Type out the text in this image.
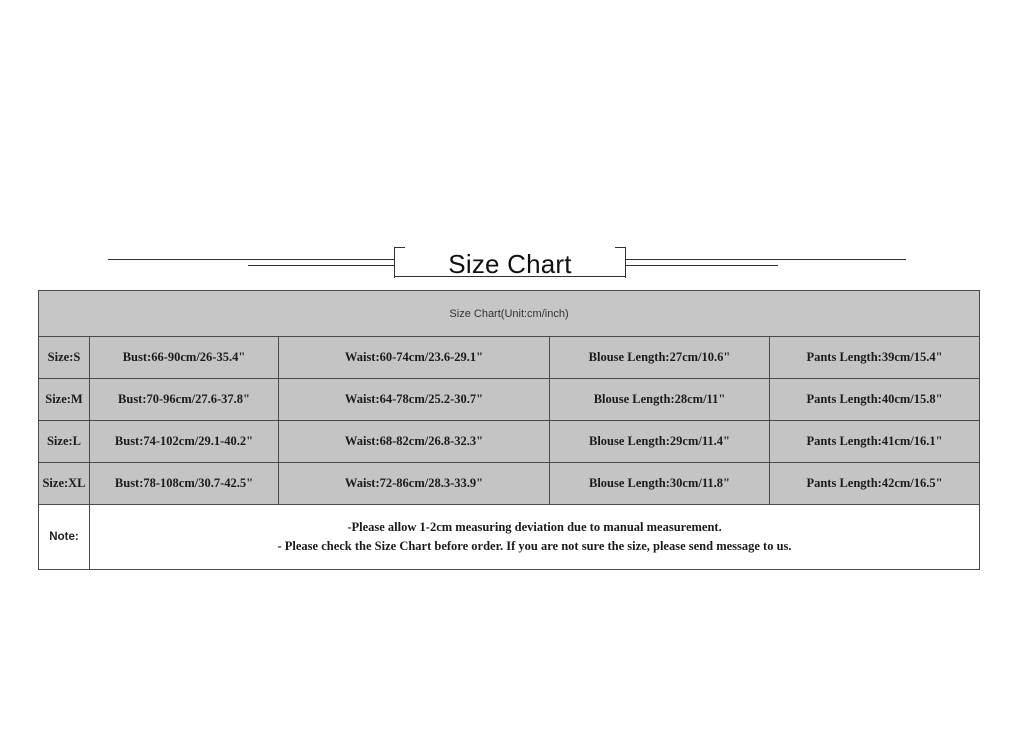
Size Chart
Size Chart(Unit:cm/inch)				
Size:S	Bust:66-90cm/26-35.4"	Waist:60-74cm/23.6-29.1"	Blouse Length:27cm/10.6"	Pants Length:39cm/15.4"
Size:M	Bust:70-96cm/27.6-37.8"	Waist:64-78cm/25.2-30.7"	Blouse Length:28cm/11"	Pants Length:40cm/15.8"
Size:L	Bust:74-102cm/29.1-40.2"	Waist:68-82cm/26.8-32.3"	Blouse Length:29cm/11.4"	Pants Length:41cm/16.1"
Size:XL	Bust:78-108cm/30.7-42.5"	Waist:72-86cm/28.3-33.9"	Blouse Length:30cm/11.8"	Pants Length:42cm/16.5"
Note:	-Please allow 1-2cm measuring deviation due to manual measurement.
- Please check the Size Chart before order. If you are not sure the size, please send message to us.			
